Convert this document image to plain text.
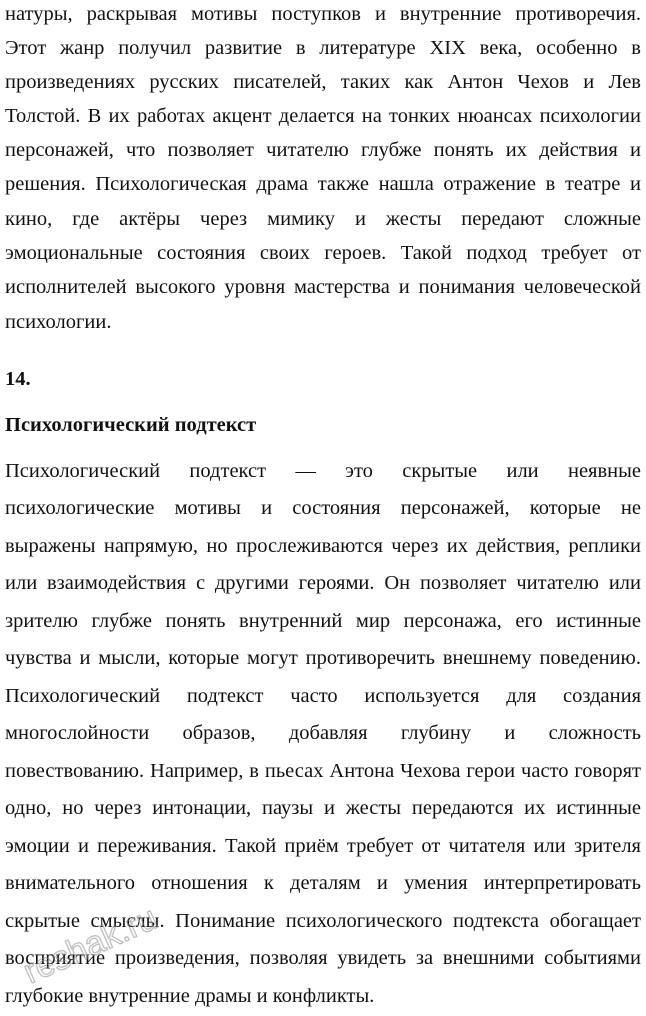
натуры, раскрывая мотивы поступков и внутренние противоречия.
Этот жанр получил развитие в литературе XIX века, особенно в
произведениях русских писателей, таких как Антон Чехов и Лев
Толстой. В их работах акцент делается на тонких нюансах психологии
персонажей, что позволяет читателю глубже понять их действия и
решения. Психологическая драма также нашла отражение в театре и
кино, где актёры через мимику и жесты передают сложные
эмоциональные состояния своих героев. Такой подход требует от
исполнителей высокого уровня мастерства и понимания человеческой
психологии.
14.
Психологический подтекст
Психологический подтекст — это скрытые или неявные
психологические мотивы и состояния персонажей, которые не
выражены напрямую, но прослеживаются через их действия, реплики
или взаимодействия с другими героями. Он позволяет читателю или
зрителю глубже понять внутренний мир персонажа, его истинные
чувства и мысли, которые могут противоречить внешнему поведению.
Психологический подтекст часто используется для создания
многослойности образов, добавляя глубину и сложность
повествованию. Например, в пьесах Антона Чехова герои часто говорят
одно, но через интонации, паузы и жесты передаются их истинные
эмоции и переживания. Такой приём требует от читателя или зрителя
внимательного отношения к деталям и умения интерпретировать
скрытые смыслы. Понимание психологического подтекста обогащает
восприятие произведения, позволяя увидеть за внешними событиями
глубокие внутренние драмы и конфликты.
reshak.ru
